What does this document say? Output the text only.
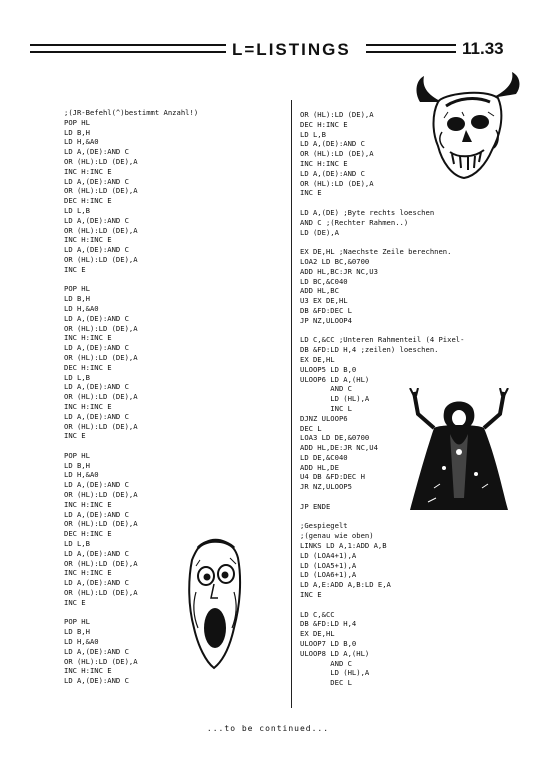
L=LISTINGS	11.33
;(JR-Befehl(^)bestimmt Anzahl!)
POP HL
LD B,H
LD H,&A0
LD A,(DE):AND C
OR (HL):LD (DE),A
INC H:INC E
LD A,(DE):AND C
OR (HL):LD (DE),A
DEC H:INC E
LD L,B
LD A,(DE):AND C
OR (HL):LD (DE),A
INC H:INC E
LD A,(DE):AND C
OR (HL):LD (DE),A
INC E
POP HL
LD B,H
LD H,&A0
LD A,(DE):AND C
OR (HL):LD (DE),A
INC H:INC E
LD A,(DE):AND C
OR (HL):LD (DE),A
DEC H:INC E
LD L,B
LD A,(DE):AND C
OR (HL):LD (DE),A
INC H:INC E
LD A,(DE):AND C
OR (HL):LD (DE),A
INC E
POP HL
LD B,H
LD H,&A0
LD A,(DE):AND C
OR (HL):LD (DE),A
INC H:INC E
LD A,(DE):AND C
OR (HL):LD (DE),A
DEC H:INC E
LD L,B
LD A,(DE):AND C
OR (HL):LD (DE),A
INC H:INC E
LD A,(DE):AND C
OR (HL):LD (DE),A
INC E
POP HL
LD B,H
LD H,&A0
LD A,(DE):AND C
OR (HL):LD (DE),A
INC H:INC E
LD A,(DE):AND C
OR (HL):LD (DE),A
DEC H:INC E
LD L,B
LD A,(DE):AND C
OR (HL):LD (DE),A
INC H:INC E
LD A,(DE):AND C
OR (HL):LD (DE),A
INC E
LD A,(DE) ;Byte rechts loeschen
AND C ;(Rechter Rahmen..)
LD (DE),A
EX DE,HL ;Naechste Zeile berechnen.
LOA2 LD BC,&0700
ADD HL,BC:JR NC,U3
LD BC,&C040
ADD HL,BC
U3 EX DE,HL
DB &FD:DEC L
JP NZ,ULOOP4
LD C,&CC ;Unteren Rahmenteil (4 Pixel-
DB &FD:LD H,4 ;zeilen) loeschen.
EX DE,HL
ULOOP5 LD B,0
ULOOP6 LD A,(HL)
AND C
LD (HL),A
INC L
DJNZ ULOOP6
DEC L
LOA3 LD DE,&0700
ADD HL,DE:JR NC,U4
LD DE,&C040
ADD HL,DE
U4 DB &FD:DEC H
JR NZ,ULOOP5
JP ENDE
;Gespiegelt
;(genau wie oben)
LINKS LD A,1:ADD A,B
LD (LOA4+1),A
LD (LOA5+1),A
LD (LOA6+1),A
LD A,E:ADD A,B:LD E,A
INC E
LD C,&CC
DB &FD:LD H,4
EX DE,HL
ULOOP7 LD B,0
ULOOP8 LD A,(HL)
AND C
LD (HL),A
DEC L
...to be continued...
